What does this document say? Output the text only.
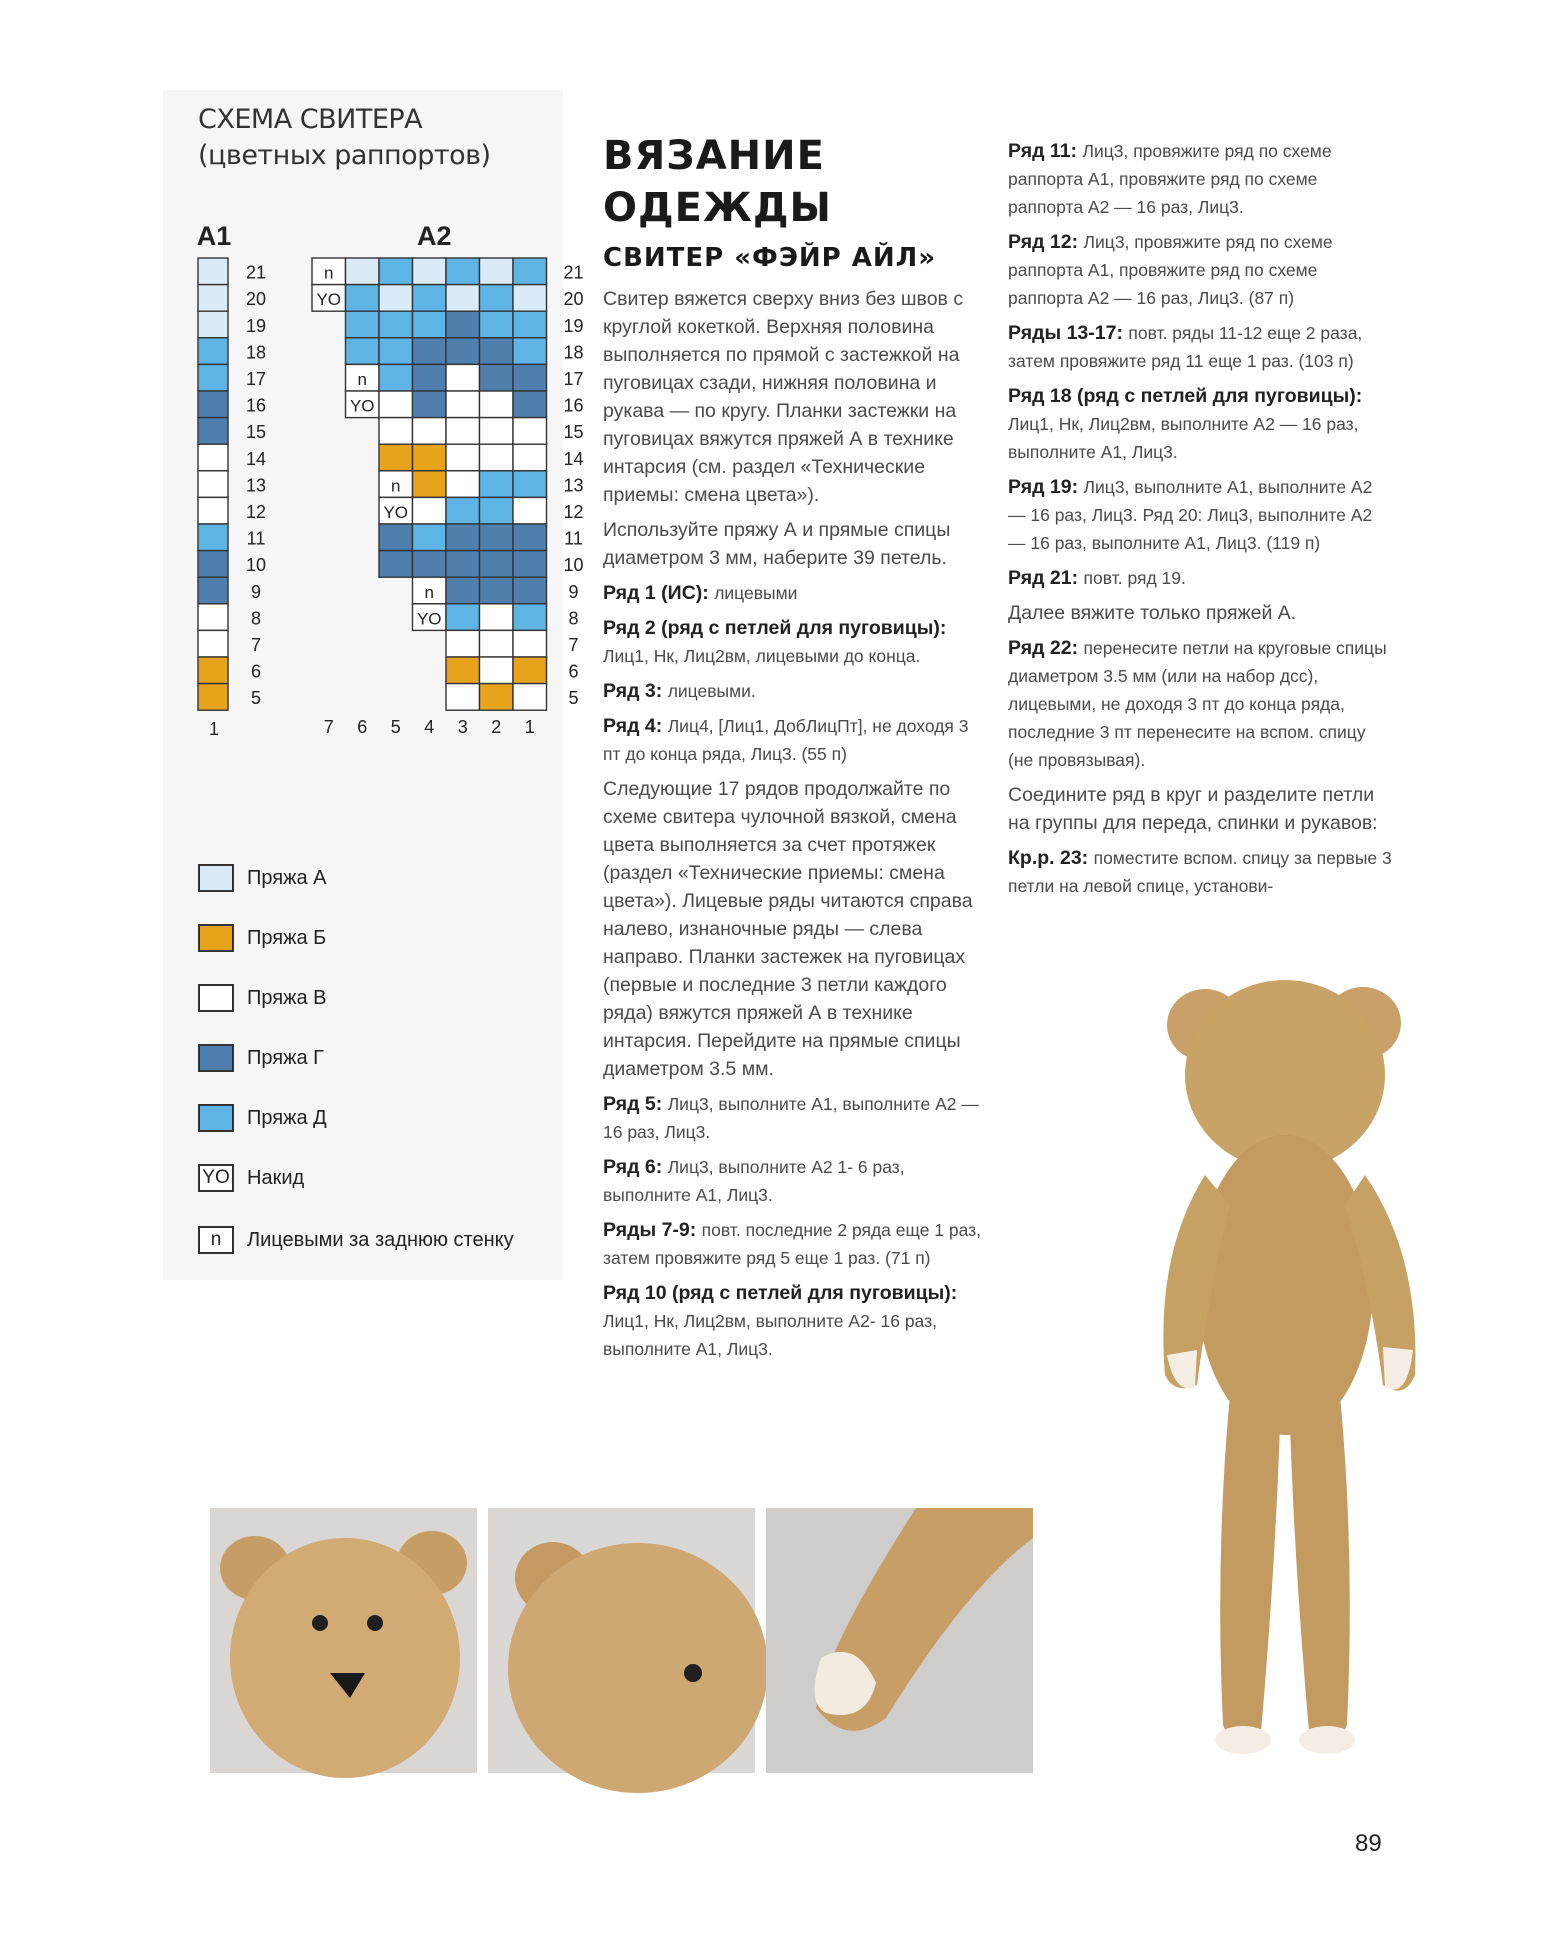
СХЕМА СВИТЕРА
(цветных раппортов)
A1	A2
21
20
19
18
17
16
15
14
13
12
11
10
9
8
7
6
5
1
n	21
YO	20
19
18
n	17
YO	16
15
14
n	13
YO	12
11
10
n	9
YO	8
7
6
5
7 6 5 4 3 2 1
Пряжа А
Пряжа Б
Пряжа В
Пряжа Г
Пряжа Д
YO Накид
n	Лицевыми за заднюю стенку
ВЯЗАНИЕ
ОДЕЖДЫ
СВИТЕР «ФЭЙР АЙЛ»

Свитер вяжется сверху вниз без швов с круглой кокеткой. Верхняя половина выполняется по прямой с застежкой на пуговицах сзади, нижняя половина и рукава — по кругу. Планки застежки на пуговицах вяжутся пряжей А в технике интарсия (см. раздел «Технические приемы: смена цвета»).

Используйте пряжу А и прямые спицы диаметром 3 мм, наберите 39 петель.

Ряд 1 (ИС): лицевыми

Ряд 2 (ряд с петлей для пуговицы): Лиц1, Нк, Лиц2вм, лицевыми до конца.

Ряд 3: лицевыми.

Ряд 4: Лиц4, [Лиц1, ДобЛицПт], не доходя 3 пт до конца ряда, Лиц3. (55 п)

Следующие 17 рядов продолжайте по схеме свитера чулочной вязкой, смена цвета выполняется за счет протяжек (раздел «Технические приемы: смена цвета»). Лицевые ряды читаются справа налево, изнаночные ряды — слева направо. Планки застежек на пуговицах (первые и последние 3 петли каждого ряда) вяжутся пряжей А в технике интарсия. Перейдите на прямые спицы диаметром 3.5 мм.

Ряд 5: Лиц3, выполните А1, выполните А2 — 16 раз, Лиц3.

Ряд 6: Лиц3, выполните А2 1- 6 раз, выполните А1, Лиц3.

Ряды 7-9: повт. последние 2 ряда еще 1 раз, затем провяжите ряд 5 еще 1 раз. (71 п)

Ряд 10 (ряд с петлей для пуговицы): Лиц1, Нк, Лиц2вм, выполните А2- 16 раз, выполните А1, Лиц3.

Ряд 11: Лиц3, провяжите ряд по схеме раппорта А1, провяжите ряд по схеме раппорта А2 — 16 раз, Лиц3.

Ряд 12: Лиц3, провяжите ряд по схеме раппорта А1, провяжите ряд по схеме раппорта А2 — 16 раз, Лиц3. (87 п)

Ряды 13-17: повт. ряды 11-12 еще 2 раза, затем провяжите ряд 11 еще 1 раз. (103 п)

Ряд 18 (ряд с петлей для пуговицы): Лиц1, Нк, Лиц2вм, выполните А2 — 16 раз, выполните А1, Лиц3.

Ряд 19: Лиц3, выполните А1, выполните А2 — 16 раз, Лиц3. Ряд 20: Лиц3, выполните А2 — 16 раз, выполните А1, Лиц3. (119 п)

Ряд 21: повт. ряд 19.

Далее вяжите только пряжей А.

Ряд 22: перенесите петли на круговые спицы диаметром 3.5 мм (или на набор дсс), лицевыми, не доходя 3 пт до конца ряда, последние 3 пт перенесите на вспом. спицу (не провязывая).

Соедините ряд в круг и разделите петли на группы для переда, спинки и рукавов:

Кр.р. 23: поместите вспом. спицу за первые 3 петли на левой спице, установи-

89
